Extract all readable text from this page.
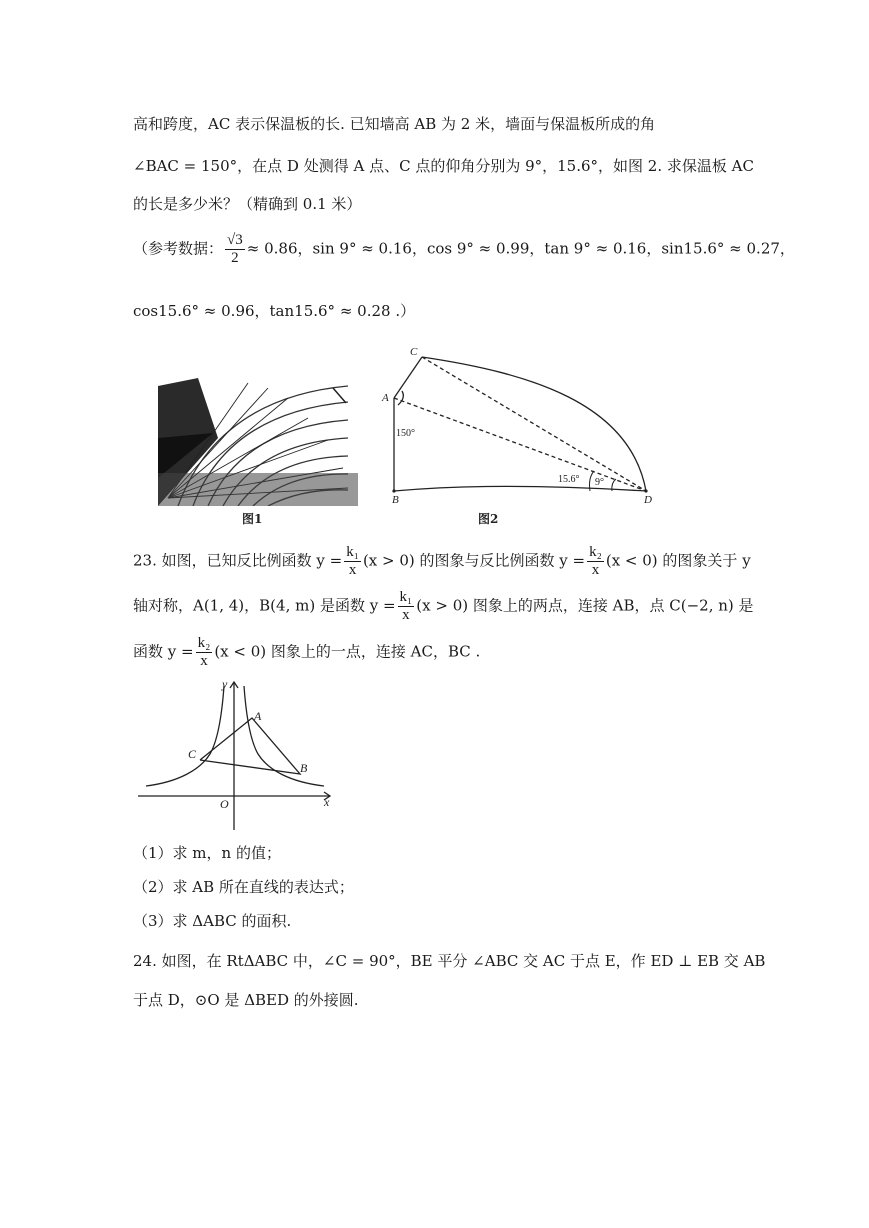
高和跨度，AC 表示保温板的长. 已知墙高 AB 为 2 米，墙面与保温板所成的角
∠BAC = 150°，在点 D 处测得 A 点、C 点的仰角分别为 9°，15.6°，如图 2. 求保温板 AC
的长是多少米？（精确到 0.1 米）
（参考数据： $\frac{√3}{2} \approx 0.86$，sin 9° ≈ 0.16，cos 9° ≈ 0.99，tan 9° ≈ 0.16，sin15.6° ≈ 0.27，
cos15.6° ≈ 0.96，tan15.6° ≈ 0.28 .）
图1
C
A
B	D
150°
15.6° 9°
图2
23. 如图，已知反比例函数 $y = \frac{\text{k₁}}{x} (x > 0)$ 的图象与反比例函数 $y = \frac{\text{k₂}}{x} (x < 0)$ 的图象关于 y
轴对称，A(1, 4)，B(4, m) 是函数 $y = \frac{\text{k₁}}{x} (x > 0)$ 图象上的两点，连接 AB，点 C(−2, n) 是
函数 $y = \frac{\text{k₂}}{x} (x < 0)$ 图象上的一点，连接 AC，BC .
y
x
O
A
B
C
（1）求 m，n 的值；
（2）求 AB 所在直线的表达式；
（3）求 ΔABC 的面积.
24. 如图，在 RtΔABC 中，∠C = 90°，BE 平分 ∠ABC 交 AC 于点 E，作 ED ⊥ EB 交 AB
于点 D，⊙O 是 ΔBED 的外接圆.
